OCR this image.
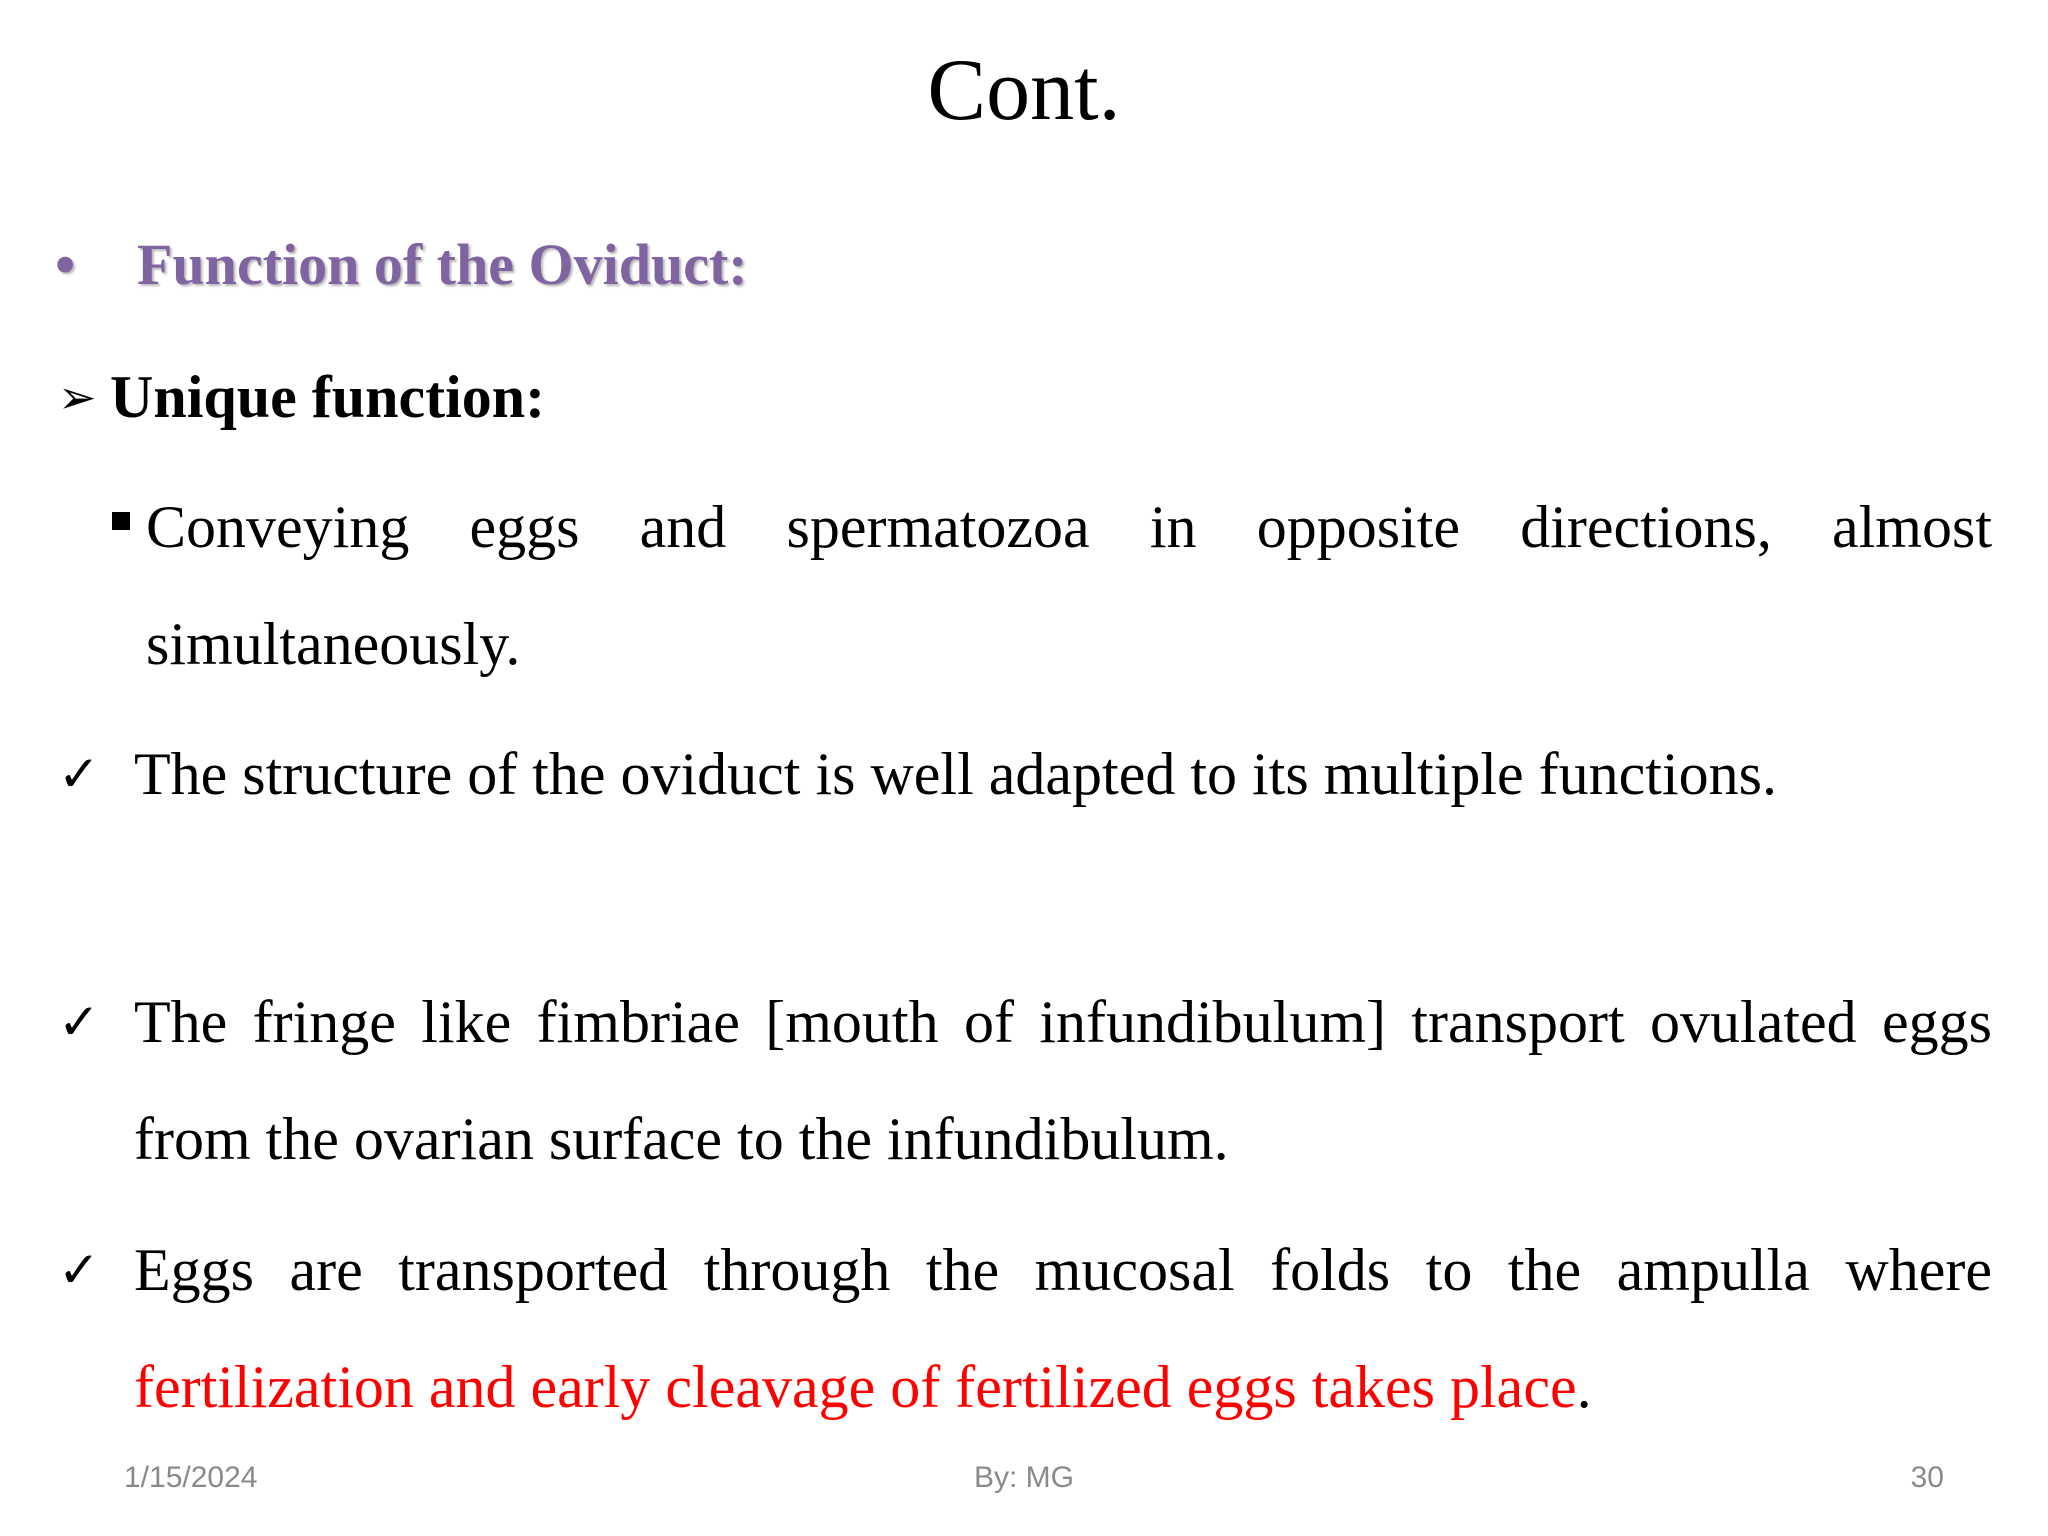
Cont.
• Function of the Oviduct:
➢ Unique function:

Conveying eggs and spermatozoa in opposite directions, almost simultaneously.

✓ The structure of the oviduct is well adapted to its multiple functions.

✓ The fringe like fimbriae [mouth of infundibulum] transport ovulated eggs from the ovarian surface to the infundibulum.

✓ Eggs are transported through the mucosal folds to the ampulla where fertilization and early cleavage of fertilized eggs takes place.

1/15/2024	By: MG	30
